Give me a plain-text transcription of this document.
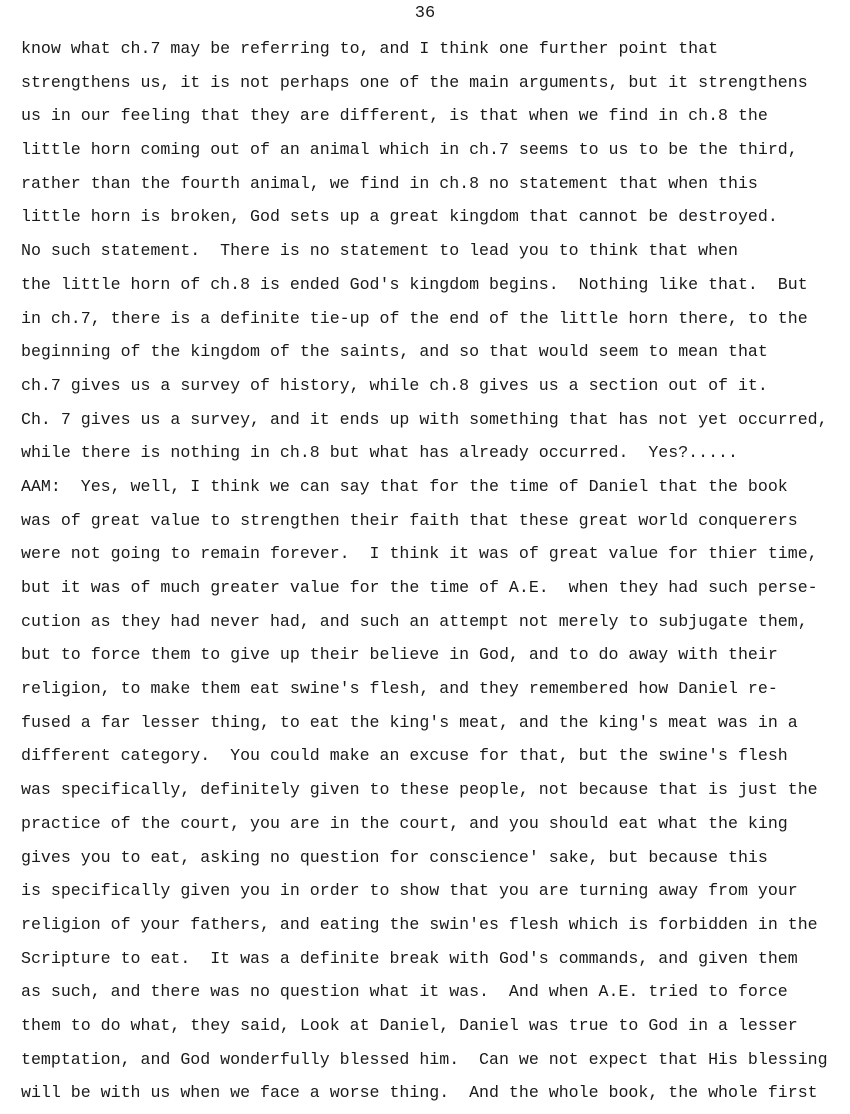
36
know what ch.7 may be referring to, and I think one further point that
strengthens us, it is not perhaps one of the main arguments, but it strengthens
us in our feeling that they are different, is that when we find in ch.8 the
little horn coming out of an animal which in ch.7 seems to us to be the third,
rather than the fourth animal, we find in ch.8 no statement that when this
little horn is broken, God sets up a great kingdom that cannot be destroyed.
No such statement.  There is no statement to lead you to think that when
the little horn of ch.8 is ended God's kingdom begins.  Nothing like that.  But
in ch.7, there is a definite tie-up of the end of the little horn there, to the
beginning of the kingdom of the saints, and so that would seem to mean that
ch.7 gives us a survey of history, while ch.8 gives us a section out of it.
Ch. 7 gives us a survey, and it ends up with something that has not yet occurred,
while there is nothing in ch.8 but what has already occurred.  Yes?.....
AAM:  Yes, well, I think we can say that for the time of Daniel that the book
was of great value to strengthen their faith that these great world conquerers
were not going to remain forever.  I think it was of great value for thier time,
but it was of much greater value for the time of A.E.  when they had such perse-
cution as they had never had, and such an attempt not merely to subjugate them,
but to force them to give up their believe in God, and to do away with their
religion, to make them eat swine's flesh, and they remembered how Daniel re-
fused a far lesser thing, to eat the king's meat, and the king's meat was in a
different category.  You could make an excuse for that, but the swine's flesh
was specifically, definitely given to these people, not because that is just the
practice of the court, you are in the court, and you should eat what the king
gives you to eat, asking no question for conscience' sake, but because this
is specifically given you in order to show that you are turning away from your
religion of your fathers, and eating the swin'es flesh which is forbidden in the
Scripture to eat.  It was a definite break with God's commands, and given them
as such, and there was no question what it was.  And when A.E. tried to force
them to do what, they said, Look at Daniel, Daniel was true to God in a lesser
temptation, and God wonderfully blessed him.  Can we not expect that His blessing
will be with us when we face a worse thing.  And the whole book, the whole first
